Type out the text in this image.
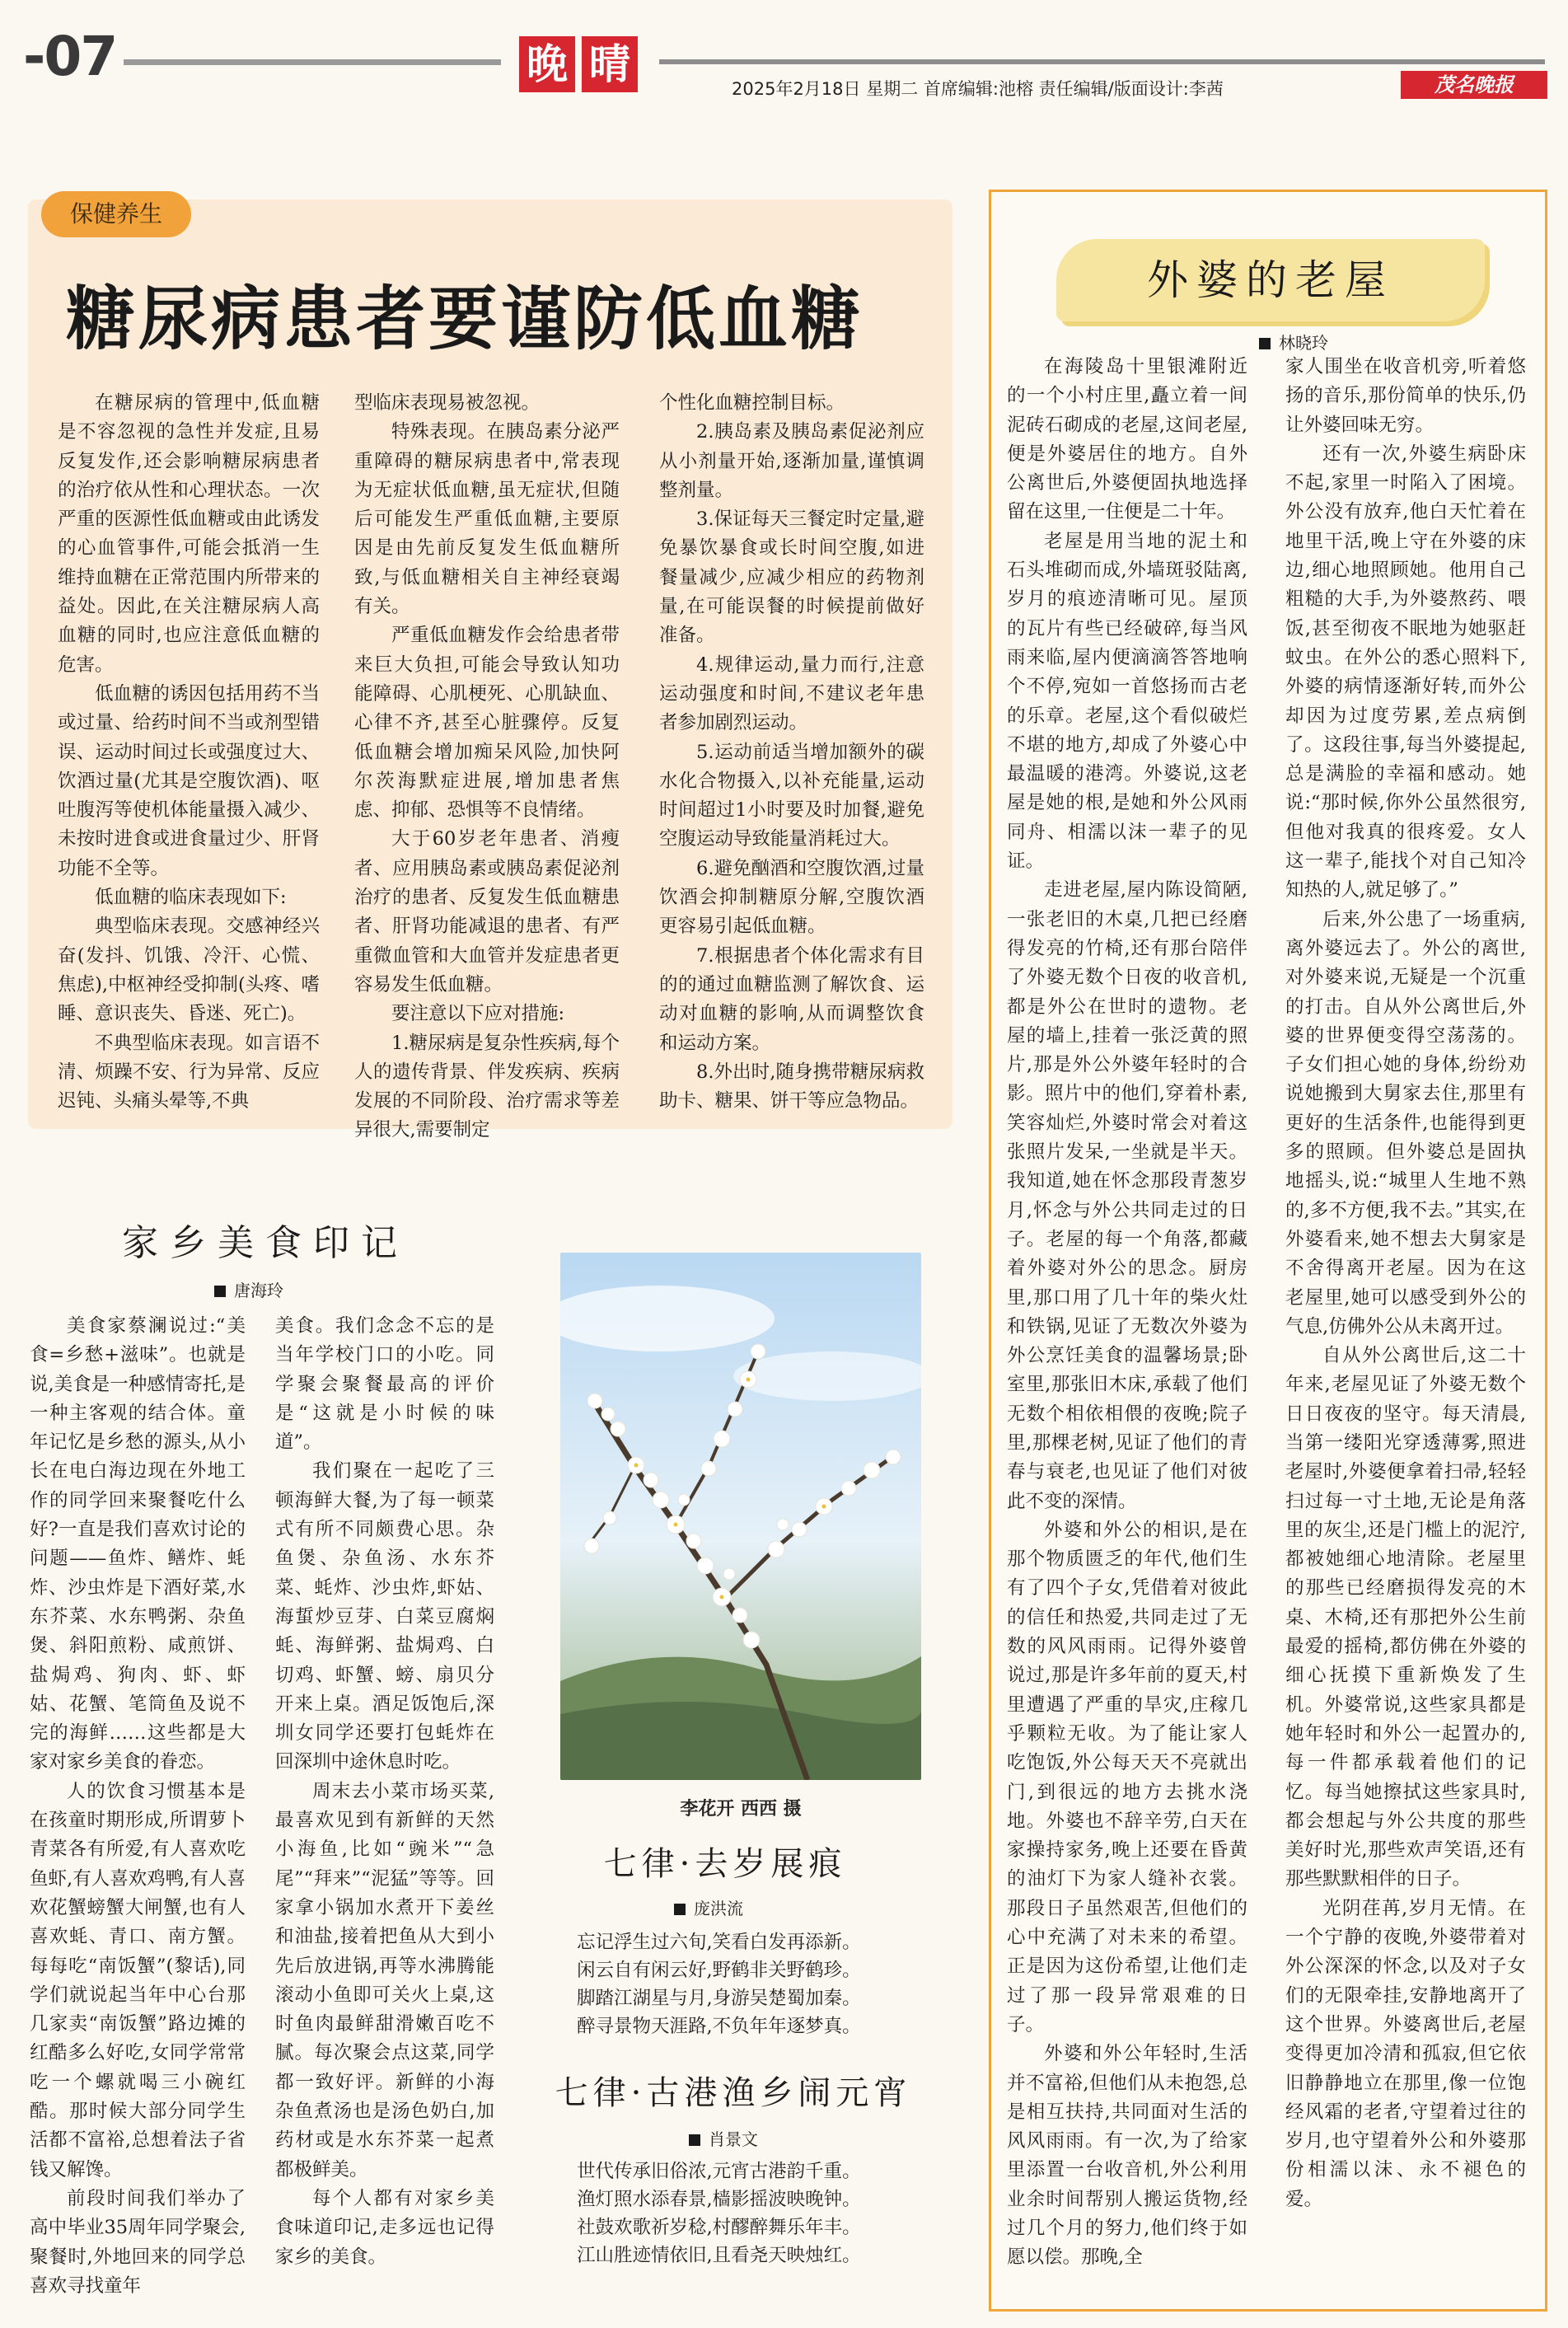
-07	晚 晴
2025年2月18日 星期二 首席编辑:池榕 责任编辑/版面设计:李茜	茂名晚报
保健养生
糖尿病患者要谨防低血糖

在糖尿病的管理中,低血糖是不容忽视的急性并发症,且易反复发作,还会影响糖尿病患者的治疗依从性和心理状态。一次严重的医源性低血糖或由此诱发的心血管事件,可能会抵消一生维持血糖在正常范围内所带来的益处。因此,在关注糖尿病人高血糖的同时,也应注意低血糖的危害。

低血糖的诱因包括用药不当或过量、给药时间不当或剂型错误、运动时间过长或强度过大、饮酒过量(尤其是空腹饮酒)、呕吐腹泻等使机体能量摄入减少、未按时进食或进食量过少、肝肾功能不全等。

低血糖的临床表现如下:

典型临床表现。交感神经兴奋(发抖、饥饿、冷汗、心慌、焦虑),中枢神经受抑制(头疼、嗜睡、意识丧失、昏迷、死亡)。

不典型临床表现。如言语不清、烦躁不安、行为异常、反应迟钝、头痛头晕等,不典

型临床表现易被忽视。

特殊表现。在胰岛素分泌严重障碍的糖尿病患者中,常表现为无症状低血糖,虽无症状,但随后可能发生严重低血糖,主要原因是由先前反复发生低血糖所致,与低血糖相关自主神经衰竭有关。

严重低血糖发作会给患者带来巨大负担,可能会导致认知功能障碍、心肌梗死、心肌缺血、心律不齐,甚至心脏骤停。反复低血糖会增加痴呆风险,加快阿尔茨海默症进展,增加患者焦虑、抑郁、恐惧等不良情绪。

大于60岁老年患者、消瘦者、应用胰岛素或胰岛素促泌剂治疗的患者、反复发生低血糖患者、肝肾功能减退的患者、有严重微血管和大血管并发症患者更容易发生低血糖。

要注意以下应对措施:

1.糖尿病是复杂性疾病,每个人的遗传背景、伴发疾病、疾病发展的不同阶段、治疗需求等差异很大,需要制定

个性化血糖控制目标。

2.胰岛素及胰岛素促泌剂应从小剂量开始,逐渐加量,谨慎调整剂量。

3.保证每天三餐定时定量,避免暴饮暴食或长时间空腹,如进餐量减少,应减少相应的药物剂量,在可能误餐的时候提前做好准备。

4.规律运动,量力而行,注意运动强度和时间,不建议老年患者参加剧烈运动。

5.运动前适当增加额外的碳水化合物摄入,以补充能量,运动时间超过1小时要及时加餐,避免空腹运动导致能量消耗过大。

6.避免酗酒和空腹饮酒,过量饮酒会抑制糖原分解,空腹饮酒更容易引起低血糖。

7.根据患者个体化需求有目的的通过血糖监测了解饮食、运动对血糖的影响,从而调整饮食和运动方案。

8.外出时,随身携带糖尿病救助卡、糖果、饼干等应急物品。

家乡美食印记
唐海玲

美食家蔡澜说过:“美食=乡愁+滋味”。也就是说,美食是一种感情寄托,是一种主客观的结合体。童年记忆是乡愁的源头,从小长在电白海边现在外地工作的同学回来聚餐吃什么好?一直是我们喜欢讨论的问题——鱼炸、鳝炸、蚝炸、沙虫炸是下酒好菜,水东芥菜、水东鸭粥、杂鱼煲、斜阳煎粉、咸煎饼、盐焗鸡、狗肉、虾、虾姑、花蟹、笔筒鱼及说不完的海鲜……这些都是大家对家乡美食的眷恋。

人的饮食习惯基本是在孩童时期形成,所谓萝卜青菜各有所爱,有人喜欢吃鱼虾,有人喜欢鸡鸭,有人喜欢花蟹螃蟹大闸蟹,也有人喜欢蚝、青口、南方蟹。每每吃“南饭蟹”(黎话),同学们就说起当年中心台那几家卖“南饭蟹”路边摊的红酷多么好吃,女同学常常吃一个螺就喝三小碗红酷。那时候大部分同学生活都不富裕,总想着法子省钱又解馋。

前段时间我们举办了高中毕业35周年同学聚会,聚餐时,外地回来的同学总喜欢寻找童年

美食。我们念念不忘的是当年学校门口的小吃。同学聚会聚餐最高的评价是“这就是小时候的味道”。

我们聚在一起吃了三顿海鲜大餐,为了每一顿菜式有所不同颇费心思。杂鱼煲、杂鱼汤、水东芥菜、蚝炸、沙虫炸,虾姑、海蜇炒豆芽、白菜豆腐焖蚝、海鲜粥、盐焗鸡、白切鸡、虾蟹、螃、扇贝分开来上桌。酒足饭饱后,深圳女同学还要打包蚝炸在回深圳中途休息时吃。

周末去小菜市场买菜,最喜欢见到有新鲜的天然小海鱼,比如“豌米”“急尾”“拜来”“泥猛”等等。回家拿小锅加水煮开下姜丝和油盐,接着把鱼从大到小先后放进锅,再等水沸腾能滚动小鱼即可关火上桌,这时鱼肉最鲜甜滑嫩百吃不腻。每次聚会点这菜,同学都一致好评。新鲜的小海杂鱼煮汤也是汤色奶白,加药材或是水东芥菜一起煮都极鲜美。

每个人都有对家乡美食味道印记,走多远也记得家乡的美食。

李花开 西西 摄
七律·去岁展痕
庞洪流
忘记浮生过六旬,笑看白发再添新。
闲云自有闲云好,野鹤非关野鹤珍。
脚踏江湖星与月,身游吴楚蜀加秦。
醉寻景物天涯路,不负年年逐梦真。
七律·古港渔乡闹元宵
肖景文
世代传承旧俗浓,元宵古港韵千重。
渔灯照水添春景,樯影摇波映晚钟。
社鼓欢歌祈岁稔,村醪醉舞乐年丰。
江山胜迹情依旧,且看尧天映烛红。
外婆的老屋
林晓玲

在海陵岛十里银滩附近的一个小村庄里,矗立着一间泥砖石砌成的老屋,这间老屋,便是外婆居住的地方。自外公离世后,外婆便固执地选择留在这里,一住便是二十年。

老屋是用当地的泥土和石头堆砌而成,外墙斑驳陆离,岁月的痕迹清晰可见。屋顶的瓦片有些已经破碎,每当风雨来临,屋内便滴滴答答地响个不停,宛如一首悠扬而古老的乐章。老屋,这个看似破烂不堪的地方,却成了外婆心中最温暖的港湾。外婆说,这老屋是她的根,是她和外公风雨同舟、相濡以沫一辈子的见证。

走进老屋,屋内陈设简陋,一张老旧的木桌,几把已经磨得发亮的竹椅,还有那台陪伴了外婆无数个日夜的收音机,都是外公在世时的遗物。老屋的墙上,挂着一张泛黄的照片,那是外公外婆年轻时的合影。照片中的他们,穿着朴素,笑容灿烂,外婆时常会对着这张照片发呆,一坐就是半天。我知道,她在怀念那段青葱岁月,怀念与外公共同走过的日子。老屋的每一个角落,都藏着外婆对外公的思念。厨房里,那口用了几十年的柴火灶和铁锅,见证了无数次外婆为外公烹饪美食的温馨场景;卧室里,那张旧木床,承载了他们无数个相依相偎的夜晚;院子里,那棵老树,见证了他们的青春与衰老,也见证了他们对彼此不变的深情。

外婆和外公的相识,是在那个物质匮乏的年代,他们生有了四个子女,凭借着对彼此的信任和热爱,共同走过了无数的风风雨雨。记得外婆曾说过,那是许多年前的夏天,村里遭遇了严重的旱灾,庄稼几乎颗粒无收。为了能让家人吃饱饭,外公每天天不亮就出门,到很远的地方去挑水浇地。外婆也不辞辛劳,白天在家操持家务,晚上还要在昏黄的油灯下为家人缝补衣裳。那段日子虽然艰苦,但他们的心中充满了对未来的希望。正是因为这份希望,让他们走过了那一段异常艰难的日子。

外婆和外公年轻时,生活并不富裕,但他们从未抱怨,总是相互扶持,共同面对生活的风风雨雨。有一次,为了给家里添置一台收音机,外公利用业余时间帮别人搬运货物,经过几个月的努力,他们终于如愿以偿。那晚,全

家人围坐在收音机旁,听着悠扬的音乐,那份简单的快乐,仍让外婆回味无穷。

还有一次,外婆生病卧床不起,家里一时陷入了困境。外公没有放弃,他白天忙着在地里干活,晚上守在外婆的床边,细心地照顾她。他用自己粗糙的大手,为外婆熬药、喂饭,甚至彻夜不眠地为她驱赶蚊虫。在外公的悉心照料下,外婆的病情逐渐好转,而外公却因为过度劳累,差点病倒了。这段往事,每当外婆提起,总是满脸的幸福和感动。她说:“那时候,你外公虽然很穷,但他对我真的很疼爱。女人这一辈子,能找个对自己知冷知热的人,就足够了。”

后来,外公患了一场重病,离外婆远去了。外公的离世,对外婆来说,无疑是一个沉重的打击。自从外公离世后,外婆的世界便变得空荡荡的。子女们担心她的身体,纷纷劝说她搬到大舅家去住,那里有更好的生活条件,也能得到更多的照顾。但外婆总是固执地摇头,说:“城里人生地不熟的,多不方便,我不去。”其实,在外婆看来,她不想去大舅家是不舍得离开老屋。因为在这老屋里,她可以感受到外公的气息,仿佛外公从未离开过。

自从外公离世后,这二十年来,老屋见证了外婆无数个日日夜夜的坚守。每天清晨,当第一缕阳光穿透薄雾,照进老屋时,外婆便拿着扫帚,轻轻扫过每一寸土地,无论是角落里的灰尘,还是门槛上的泥泞,都被她细心地清除。老屋里的那些已经磨损得发亮的木桌、木椅,还有那把外公生前最爱的摇椅,都仿佛在外婆的细心抚摸下重新焕发了生机。外婆常说,这些家具都是她年轻时和外公一起置办的,每一件都承载着他们的记忆。每当她擦拭这些家具时,都会想起与外公共度的那些美好时光,那些欢声笑语,还有那些默默相伴的日子。

光阴荏苒,岁月无情。在一个宁静的夜晚,外婆带着对外公深深的怀念,以及对子女们的无限牵挂,安静地离开了这个世界。外婆离世后,老屋变得更加冷清和孤寂,但它依旧静静地立在那里,像一位饱经风霜的老者,守望着过往的岁月,也守望着外公和外婆那份相濡以沫、永不褪色的爱。
